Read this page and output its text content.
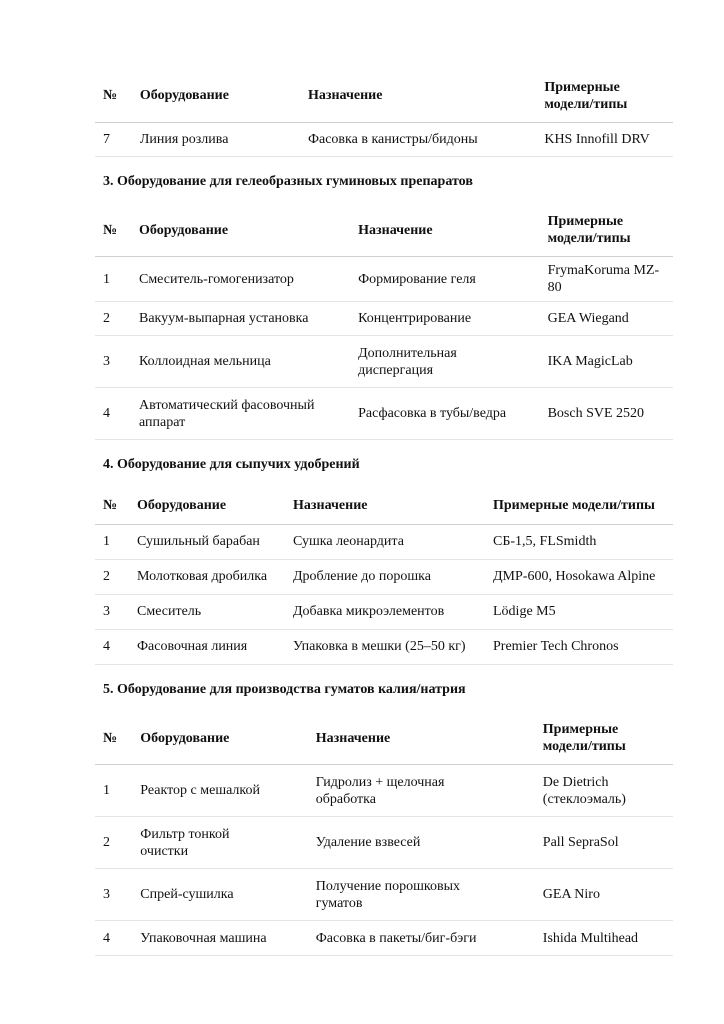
№	Оборудование	Назначение	Примерные модели/типы
7	Линия розлива	Фасовка в канистры/бидоны	KHS Innofill DRV
3. Оборудование для гелеобразных гуминовых препаратов
№	Оборудование	Назначение	Примерные модели/типы
1	Смеситель-гомогенизатор	Формирование геля	FrymaKoruma MZ-80
2	Вакуум-выпарная установка	Концентрирование	GEA Wiegand
3	Коллоидная мельница	Дополнительная диспергация	IKA MagicLab
4	Автоматический фасовочный аппарат	Расфасовка в тубы/ведра	Bosch SVE 2520
4. Оборудование для сыпучих удобрений
№	Оборудование	Назначение	Примерные модели/типы
1	Сушильный барабан	Сушка леонардита	СБ-1,5, FLSmidth
2	Молотковая дробилка	Дробление до порошка	ДМР-600, Hosokawa Alpine
3	Смеситель	Добавка микроэлементов	Lödige M5
4	Фасовочная линия	Упаковка в мешки (25–50 кг)	Premier Tech Chronos
5. Оборудование для производства гуматов калия/натрия
№	Оборудование	Назначение	Примерные модели/типы
1	Реактор с мешалкой	Гидролиз + щелочная обработка	De Dietrich (стеклоэмаль)
2	Фильтр тонкой очистки	Удаление взвесей	Pall SepraSol
3	Спрей-сушилка	Получение порошковых гуматов	GEA Niro
4	Упаковочная машина	Фасовка в пакеты/биг-бэги	Ishida Multihead
